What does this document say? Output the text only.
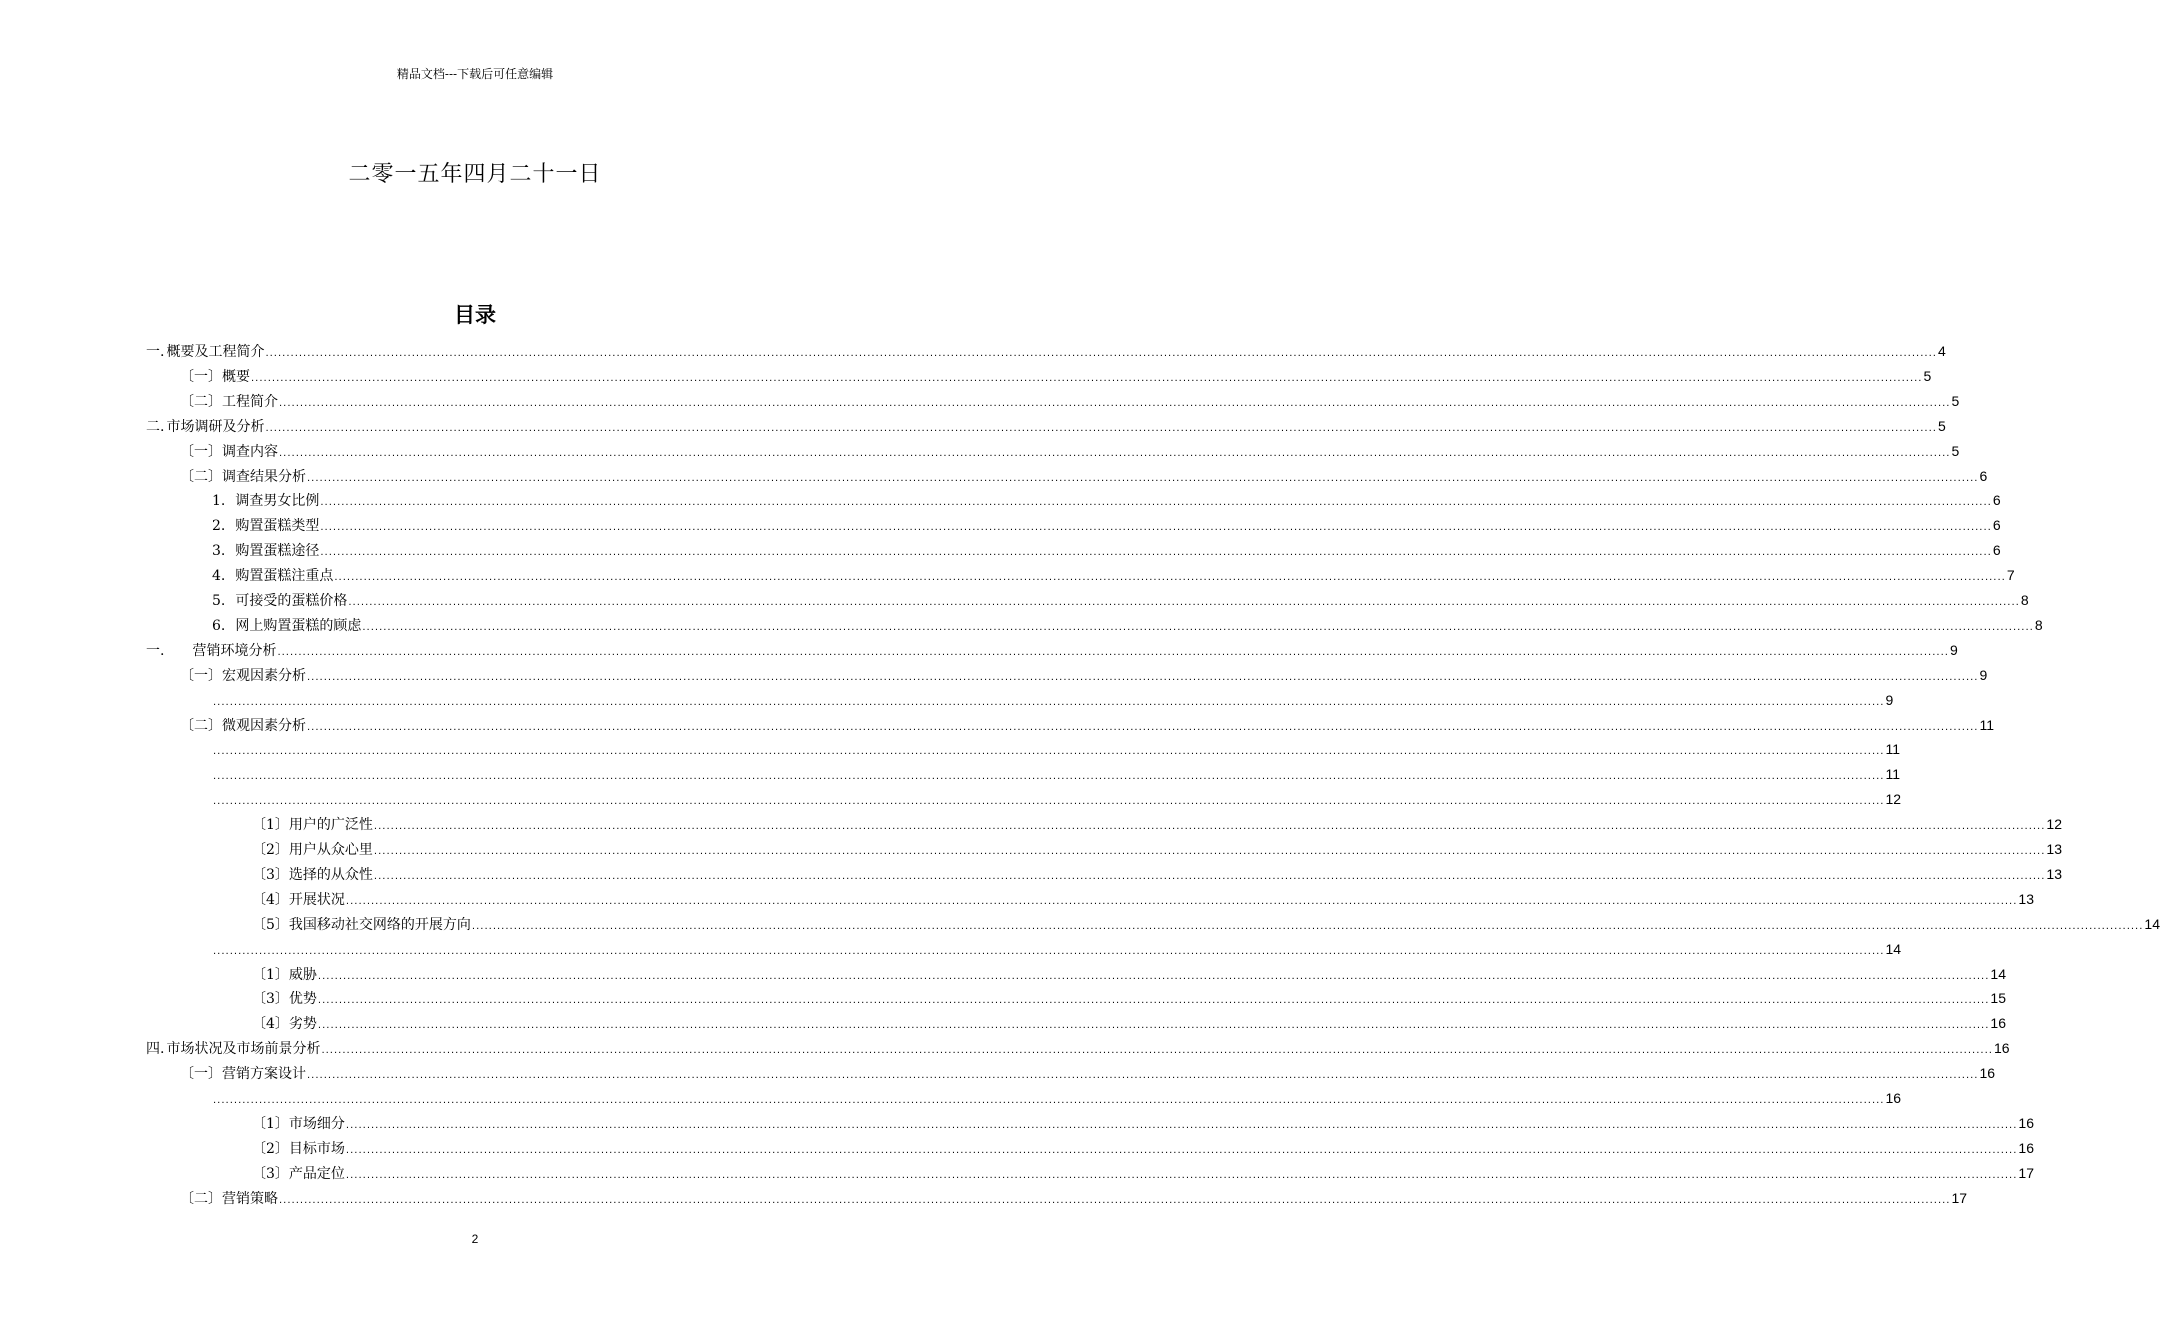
精品文档---下载后可任意编辑
二零一五年四月二十一日
目录
一. 概要及工程简介 ................................................................................................................................................................................................................................................................................................................................................................................................................ 4
〔一〕概要 ................................................................................................................................................................................................................................................................................................................................................................................................................ 5
〔二〕工程简介 ................................................................................................................................................................................................................................................................................................................................................................................................................ 5
二. 市场调研及分析 ................................................................................................................................................................................................................................................................................................................................................................................................................ 5
〔一〕调查内容 ................................................................................................................................................................................................................................................................................................................................................................................................................ 5
〔二〕调查结果分析 ................................................................................................................................................................................................................................................................................................................................................................................................................ 6
1. 调查男女比例 ................................................................................................................................................................................................................................................................................................................................................................................................................ 6
2. 购置蛋糕类型 ................................................................................................................................................................................................................................................................................................................................................................................................................ 6
3. 购置蛋糕途径 ................................................................................................................................................................................................................................................................................................................................................................................................................ 6
4. 购置蛋糕注重点 ................................................................................................................................................................................................................................................................................................................................................................................................................ 7
5. 可接受的蛋糕价格 ................................................................................................................................................................................................................................................................................................................................................................................................................ 8
6. 网上购置蛋糕的顾虑 ................................................................................................................................................................................................................................................................................................................................................................................................................ 8
一. 营销环境分析 ................................................................................................................................................................................................................................................................................................................................................................................................................ 9
〔一〕宏观因素分析 ................................................................................................................................................................................................................................................................................................................................................................................................................ 9
................................................................................................................................................................................................................................................................................................................................................................................................................ 9
〔二〕微观因素分析 ................................................................................................................................................................................................................................................................................................................................................................................................................ 11
................................................................................................................................................................................................................................................................................................................................................................................................................ 11
................................................................................................................................................................................................................................................................................................................................................................................................................ 11
................................................................................................................................................................................................................................................................................................................................................................................................................ 12
〔1〕用户的广泛性 ................................................................................................................................................................................................................................................................................................................................................................................................................ 12
〔2〕用户从众心里 ................................................................................................................................................................................................................................................................................................................................................................................................................ 13
〔3〕选择的从众性 ................................................................................................................................................................................................................................................................................................................................................................................................................ 13
〔4〕开展状况 ................................................................................................................................................................................................................................................................................................................................................................................................................ 13
〔5〕我国移动社交网络的开展方向 ................................................................................................................................................................................................................................................................................................................................................................................................................ 14
................................................................................................................................................................................................................................................................................................................................................................................................................ 14
〔1〕威胁 ................................................................................................................................................................................................................................................................................................................................................................................................................ 14
〔3〕优势 ................................................................................................................................................................................................................................................................................................................................................................................................................ 15
〔4〕劣势 ................................................................................................................................................................................................................................................................................................................................................................................................................ 16
四. 市场状况及市场前景分析 ................................................................................................................................................................................................................................................................................................................................................................................................................ 16
〔一〕营销方案设计 ................................................................................................................................................................................................................................................................................................................................................................................................................ 16
................................................................................................................................................................................................................................................................................................................................................................................................................ 16
〔1〕市场细分 ................................................................................................................................................................................................................................................................................................................................................................................................................ 16
〔2〕目标市场 ................................................................................................................................................................................................................................................................................................................................................................................................................ 16
〔3〕产品定位 ................................................................................................................................................................................................................................................................................................................................................................................................................ 17
〔二〕营销策略 ................................................................................................................................................................................................................................................................................................................................................................................................................ 17
2
